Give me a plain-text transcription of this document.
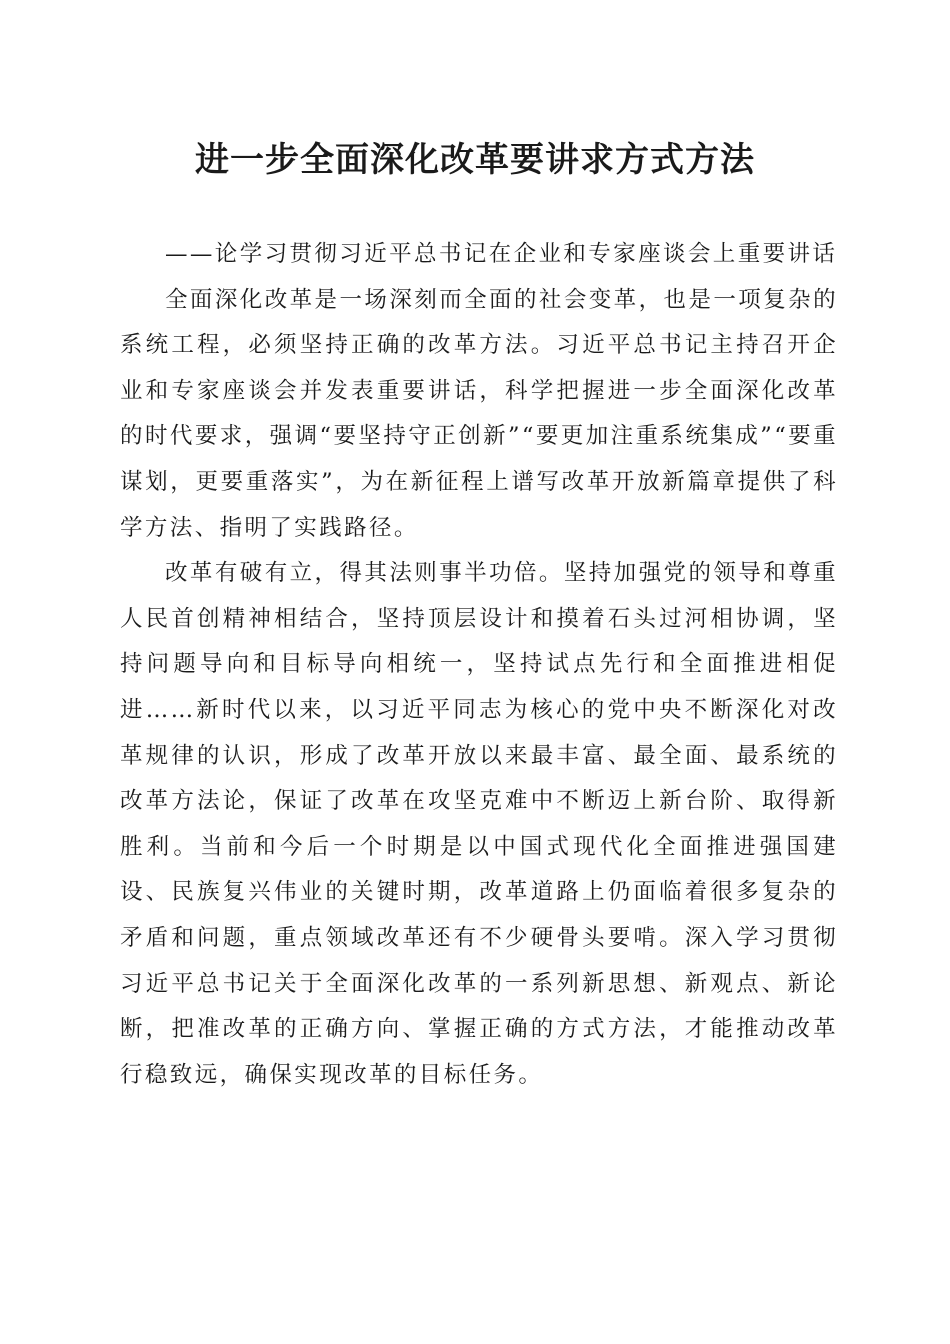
进一步全面深化改革要讲求方式方法

——论学习贯彻习近平总书记在企业和专家座谈会上重要讲话

全面深化改革是一场深刻而全面的社会变革，也是一项复杂的系统工程，必须坚持正确的改革方法。习近平总书记主持召开企业和专家座谈会并发表重要讲话，科学把握进一步全面深化改革的时代要求，强调“要坚持守正创新”“要更加注重系统集成”“要重谋划，更要重落实”，为在新征程上谱写改革开放新篇章提供了科学方法、指明了实践路径。

改革有破有立，得其法则事半功倍。坚持加强党的领导和尊重人民首创精神相结合，坚持顶层设计和摸着石头过河相协调，坚持问题导向和目标导向相统一，坚持试点先行和全面推进相促进……新时代以来，以习近平同志为核心的党中央不断深化对改革规律的认识，形成了改革开放以来最丰富、最全面、最系统的改革方法论，保证了改革在攻坚克难中不断迈上新台阶、取得新胜利。当前和今后一个时期是以中国式现代化全面推进强国建设、民族复兴伟业的关键时期，改革道路上仍面临着很多复杂的矛盾和问题，重点领域改革还有不少硬骨头要啃。深入学习贯彻习近平总书记关于全面深化改革的一系列新思想、新观点、新论断，把准改革的正确方向、掌握正确的方式方法，才能推动改革行稳致远，确保实现改革的目标任务。
